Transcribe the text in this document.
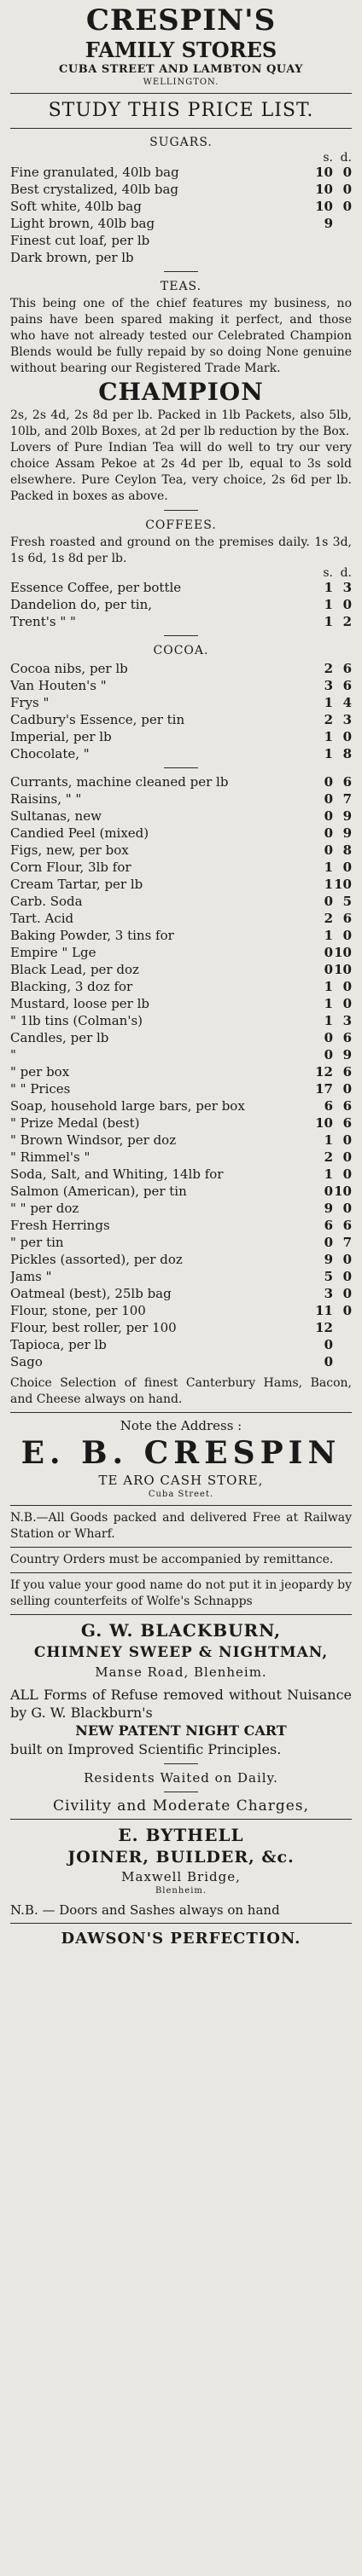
CRESPIN'S
FAMILY STORES
CUBA STREET AND LAMBTON QUAY
WELLINGTON.
STUDY THIS PRICE LIST.
SUGARS.
s. d.
Fine granulated, 40lb bag	10 0
Best crystalized, 40lb bag	10 0
Soft white, 40lb bag	10 0
Light brown, 40lb bag	9
Finest cut loaf, per lb
Dark brown, per lb
TEAS.
This being one of the chief features my business, no pains have been spared making it perfect, and those who have not already tested our Celebrated Champion Blends would be fully repaid by so doing None genuine without bearing our Registered Trade Mark.
CHAMPION
2s, 2s 4d, 2s 8d per lb. Packed in 1lb Packets, also 5lb, 10lb, and 20lb Boxes, at 2d per lb reduction by the Box.
Lovers of Pure Indian Tea will do well to try our very choice Assam Pekoe at 2s 4d per lb, equal to 3s sold elsewhere. Pure Ceylon Tea, very choice, 2s 6d per lb. Packed in boxes as above.
COFFEES.
Fresh roasted and ground on the premises daily. 1s 3d, 1s 6d, 1s 8d per lb.
s. d.
Essence Coffee, per bottle	1 3
Dandelion do, per tin,	1 0
Trent's " "	1 2
COCOA.
Cocoa nibs, per lb	2 6
Van Houten's "	3 6
Frys "	1 4
Cadbury's Essence, per tin	2 3
Imperial, per lb	1 0
Chocolate, "	1 8
Currants, machine cleaned per lb	0 6
Raisins, " "	0 7
Sultanas, new	0 9
Candied Peel (mixed)	0 9
Figs, new, per box	0 8
Corn Flour, 3lb for	1 0
Cream Tartar, per lb	1 10
Carb. Soda	0 5
Tart. Acid	2 6
Baking Powder, 3 tins for	1 0
Empire " Lge	0 10
Black Lead, per doz	0 10
Blacking, 3 doz for	1 0
Mustard, loose per lb	1 0
" 1lb tins (Colman's)	1 3
Candles, per lb	0 6
"	0 9
" per box	12 6
" " Prices	17 0
Soap, household large bars, per box	6 6
" Prize Medal (best)	10 6
" Brown Windsor, per doz	1 0
" Rimmel's "	2 0
Soda, Salt, and Whiting, 14lb for	1 0
Salmon (American), per tin	0 10
" " per doz	9 0
Fresh Herrings	6 6
" per tin	0 7
Pickles (assorted), per doz	9 0
Jams "	5 0
Oatmeal (best), 25lb bag	3 0
Flour, stone, per 100	11 0
Flour, best roller, per 100	12
Tapioca, per lb	0
Sago	0
Choice Selection of finest Canterbury Hams, Bacon, and Cheese always on hand.
Note the Address :
E. B. CRESPIN
TE ARO CASH STORE,
Cuba Street.
N.B.—All Goods packed and delivered Free at Railway Station or Wharf.
Country Orders must be accompanied by remittance.
If you value your good name do not put it in jeopardy by selling counterfeits of Wolfe's Schnapps
G. W. BLACKBURN,
CHIMNEY SWEEP & NIGHTMAN,
Manse Road, Blenheim.
ALL Forms of Refuse removed without Nuisance by G. W. Blackburn's
NEW PATENT NIGHT CART
built on Improved Scientific Principles.
Residents Waited on Daily.
Civility and Moderate Charges,
E. BYTHELL
JOINER, BUILDER, &c.
Maxwell Bridge,
Blenheim.
N.B. — Doors and Sashes always on hand
DAWSON'S PERFECTION.
